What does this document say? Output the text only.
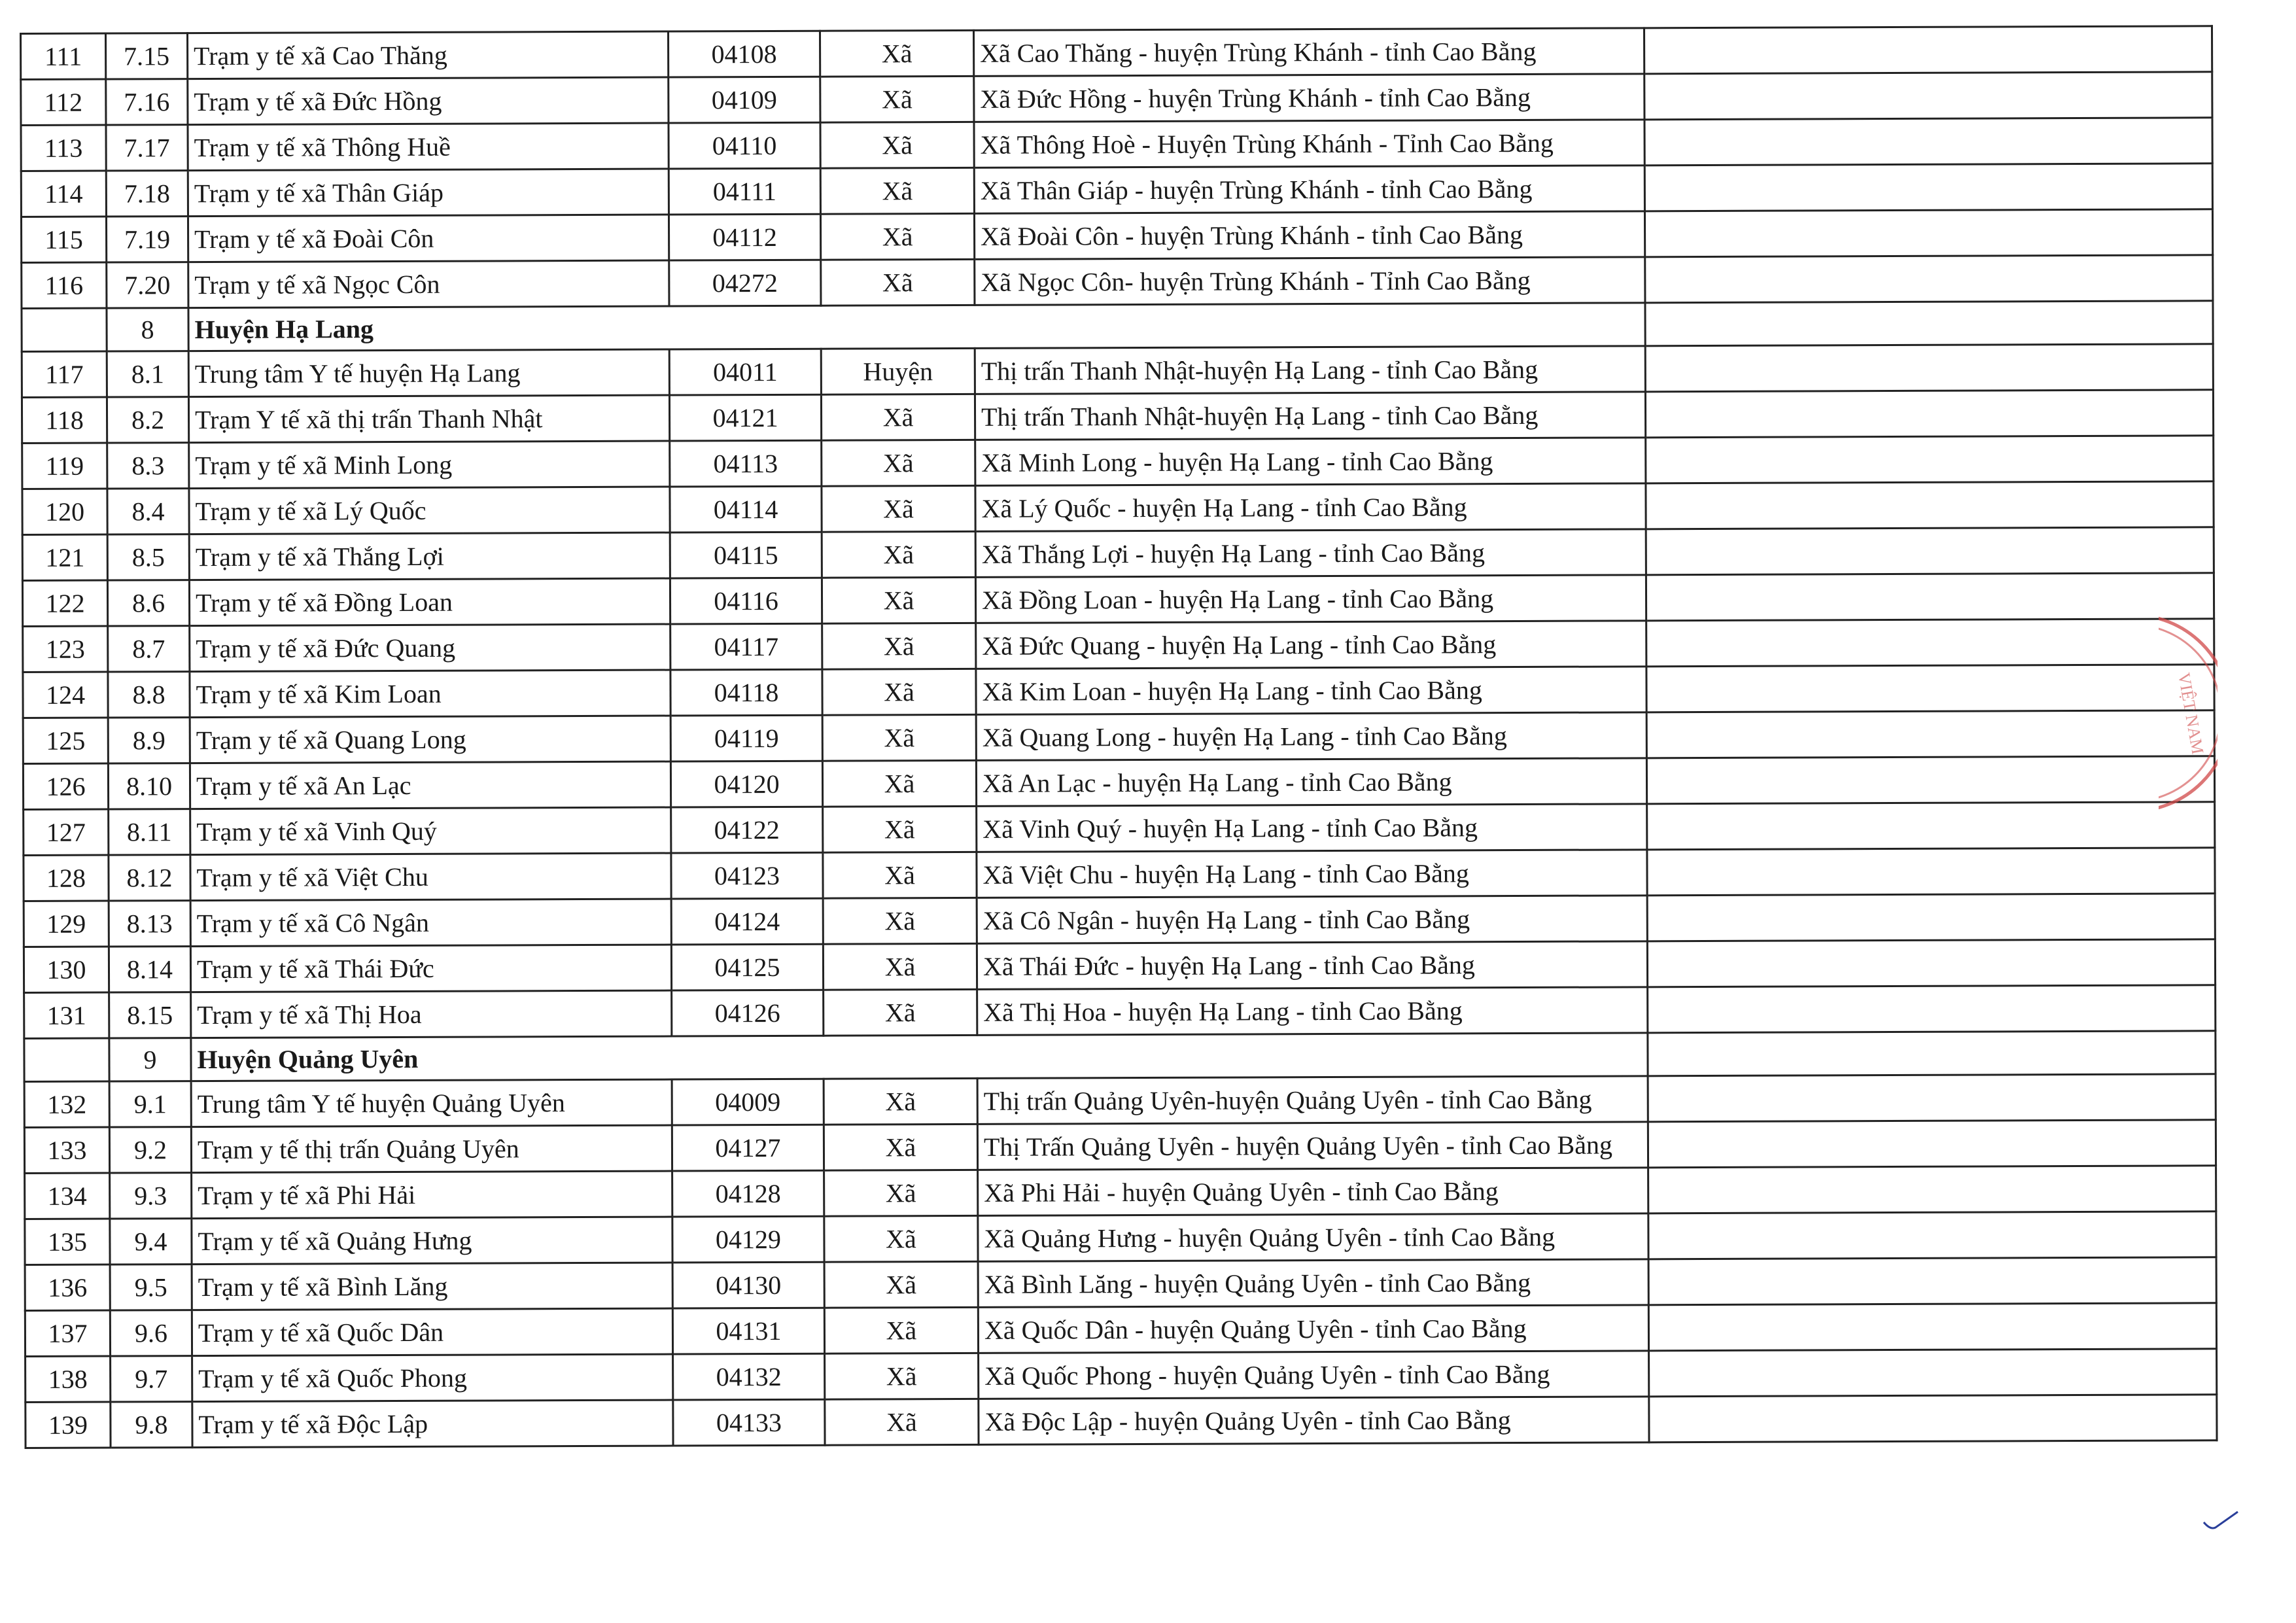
111	7.15	Trạm y tế xã Cao Thăng	04108	Xã	Xã Cao Thăng - huyện Trùng Khánh - tỉnh Cao Bằng	
112	7.16	Trạm y tế xã Đức Hồng	04109	Xã	Xã Đức Hồng - huyện Trùng Khánh - tỉnh Cao Bằng	
113	7.17	Trạm y tế xã Thông Huề	04110	Xã	Xã Thông Hoè - Huyện Trùng Khánh - Tỉnh Cao Bằng	
114	7.18	Trạm y tế xã Thân Giáp	04111	Xã	Xã Thân Giáp - huyện Trùng Khánh - tỉnh Cao Bằng	
115	7.19	Trạm y tế xã Đoài Côn	04112	Xã	Xã Đoài Côn - huyện Trùng Khánh - tỉnh Cao Bằng	
116	7.20	Trạm y tế xã Ngọc Côn	04272	Xã	Xã Ngọc Côn- huyện Trùng Khánh - Tỉnh Cao Bằng	
	8	Huyện Hạ Lang				
117	8.1	Trung tâm Y tế huyện Hạ Lang	04011	Huyện	Thị trấn Thanh Nhật-huyện Hạ Lang - tỉnh Cao Bằng	
118	8.2	Trạm Y tế xã thị trấn Thanh Nhật	04121	Xã	Thị trấn Thanh Nhật-huyện Hạ Lang - tỉnh Cao Bằng	
119	8.3	Trạm y tế xã Minh Long	04113	Xã	Xã Minh Long - huyện Hạ Lang - tỉnh Cao Bằng	
120	8.4	Trạm y tế xã Lý Quốc	04114	Xã	Xã Lý Quốc - huyện Hạ Lang - tỉnh Cao Bằng	
121	8.5	Trạm y tế xã Thắng Lợi	04115	Xã	Xã Thắng Lợi - huyện Hạ Lang - tỉnh Cao Bằng	
122	8.6	Trạm y tế xã Đồng Loan	04116	Xã	Xã Đồng Loan - huyện Hạ Lang - tỉnh Cao Bằng	
123	8.7	Trạm y tế xã Đức Quang	04117	Xã	Xã Đức Quang - huyện Hạ Lang - tỉnh Cao Bằng	
124	8.8	Trạm y tế xã Kim Loan	04118	Xã	Xã Kim Loan - huyện Hạ Lang - tỉnh Cao Bằng	
125	8.9	Trạm y tế xã Quang Long	04119	Xã	Xã Quang Long - huyện Hạ Lang - tỉnh Cao Bằng	
126	8.10	Trạm y tế xã An Lạc	04120	Xã	Xã An Lạc - huyện Hạ Lang - tỉnh Cao Bằng	
127	8.11	Trạm y tế xã Vinh Quý	04122	Xã	Xã Vinh Quý - huyện Hạ Lang - tỉnh Cao Bằng	
128	8.12	Trạm y tế xã Việt Chu	04123	Xã	Xã Việt Chu - huyện Hạ Lang - tỉnh Cao Bằng	
129	8.13	Trạm y tế xã Cô Ngân	04124	Xã	Xã Cô Ngân - huyện Hạ Lang - tỉnh Cao Bằng	
130	8.14	Trạm y tế xã Thái Đức	04125	Xã	Xã Thái Đức - huyện Hạ Lang - tỉnh Cao Bằng	
131	8.15	Trạm y tế xã Thị Hoa	04126	Xã	Xã Thị Hoa - huyện Hạ Lang - tỉnh Cao Bằng	
	9	Huyện Quảng Uyên				
132	9.1	Trung tâm Y tế huyện Quảng Uyên	04009	Xã	Thị trấn Quảng Uyên-huyện Quảng Uyên - tỉnh Cao Bằng	
133	9.2	Trạm y tế thị trấn Quảng Uyên	04127	Xã	Thị Trấn Quảng Uyên - huyện Quảng Uyên - tỉnh Cao Bằng	
134	9.3	Trạm y tế xã Phi Hải	04128	Xã	Xã Phi Hải - huyện Quảng Uyên - tỉnh Cao Bằng	
135	9.4	Trạm y tế xã Quảng Hưng	04129	Xã	Xã Quảng Hưng - huyện Quảng Uyên - tỉnh Cao Bằng	
136	9.5	Trạm y tế xã Bình Lăng	04130	Xã	Xã Bình Lăng - huyện Quảng Uyên - tỉnh Cao Bằng	
137	9.6	Trạm y tế xã Quốc Dân	04131	Xã	Xã Quốc Dân - huyện Quảng Uyên - tỉnh Cao Bằng	
138	9.7	Trạm y tế xã Quốc Phong	04132	Xã	Xã Quốc Phong - huyện Quảng Uyên - tỉnh Cao Bằng	
139	9.8	Trạm y tế xã Độc Lập	04133	Xã	Xã Độc Lập - huyện Quảng Uyên - tỉnh Cao Bằng	
VIỆT NAM
